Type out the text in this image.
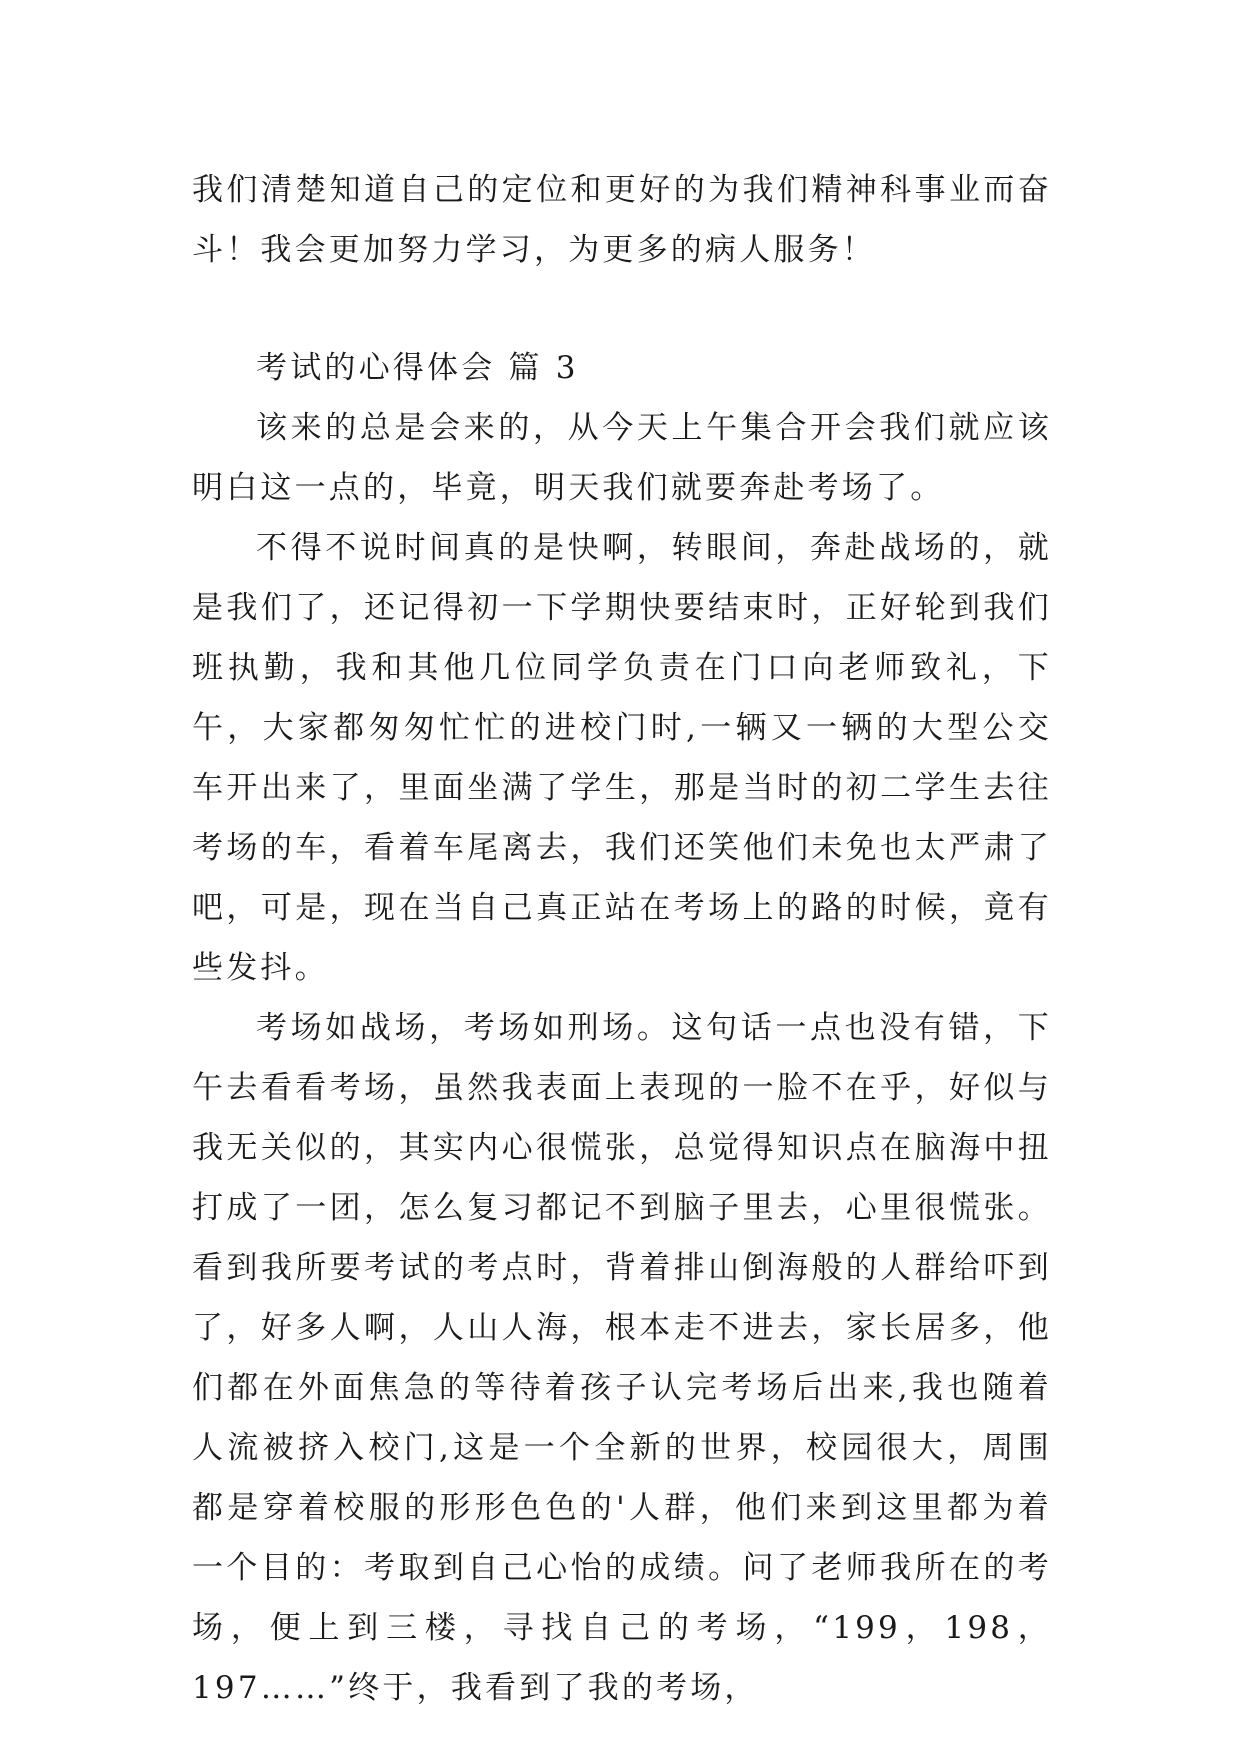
我们清楚知道自己的定位和更好的为我们精神科事业而奋斗！我会更加努力学习，为更多的病人服务！

考试的心得体会 篇 3

该来的总是会来的，从今天上午集合开会我们就应该明白这一点的，毕竟，明天我们就要奔赴考场了。

不得不说时间真的是快啊，转眼间，奔赴战场的，就是我们了，还记得初一下学期快要结束时，正好轮到我们班执勤，我和其他几位同学负责在门口向老师致礼，下午，大家都匆匆忙忙的进校门时,一辆又一辆的大型公交车开出来了，里面坐满了学生，那是当时的初二学生去往考场的车，看着车尾离去，我们还笑他们未免也太严肃了吧，可是，现在当自己真正站在考场上的路的时候，竟有些发抖。

考场如战场，考场如刑场。这句话一点也没有错，下午去看看考场，虽然我表面上表现的一脸不在乎，好似与我无关似的，其实内心很慌张，总觉得知识点在脑海中扭打成了一团，怎么复习都记不到脑子里去，心里很慌张。看到我所要考试的考点时，背着排山倒海般的人群给吓到了，好多人啊，人山人海，根本走不进去，家长居多，他们都在外面焦急的等待着孩子认完考场后出来,我也随着人流被挤入校门,这是一个全新的世界，校园很大，周围都是穿着校服的形形色色的'人群，他们来到这里都为着一个目的：考取到自己心怡的成绩。问了老师我所在的考场，便上到三楼，寻找自己的考场，“199，198，197……”终于，我看到了我的考场，
